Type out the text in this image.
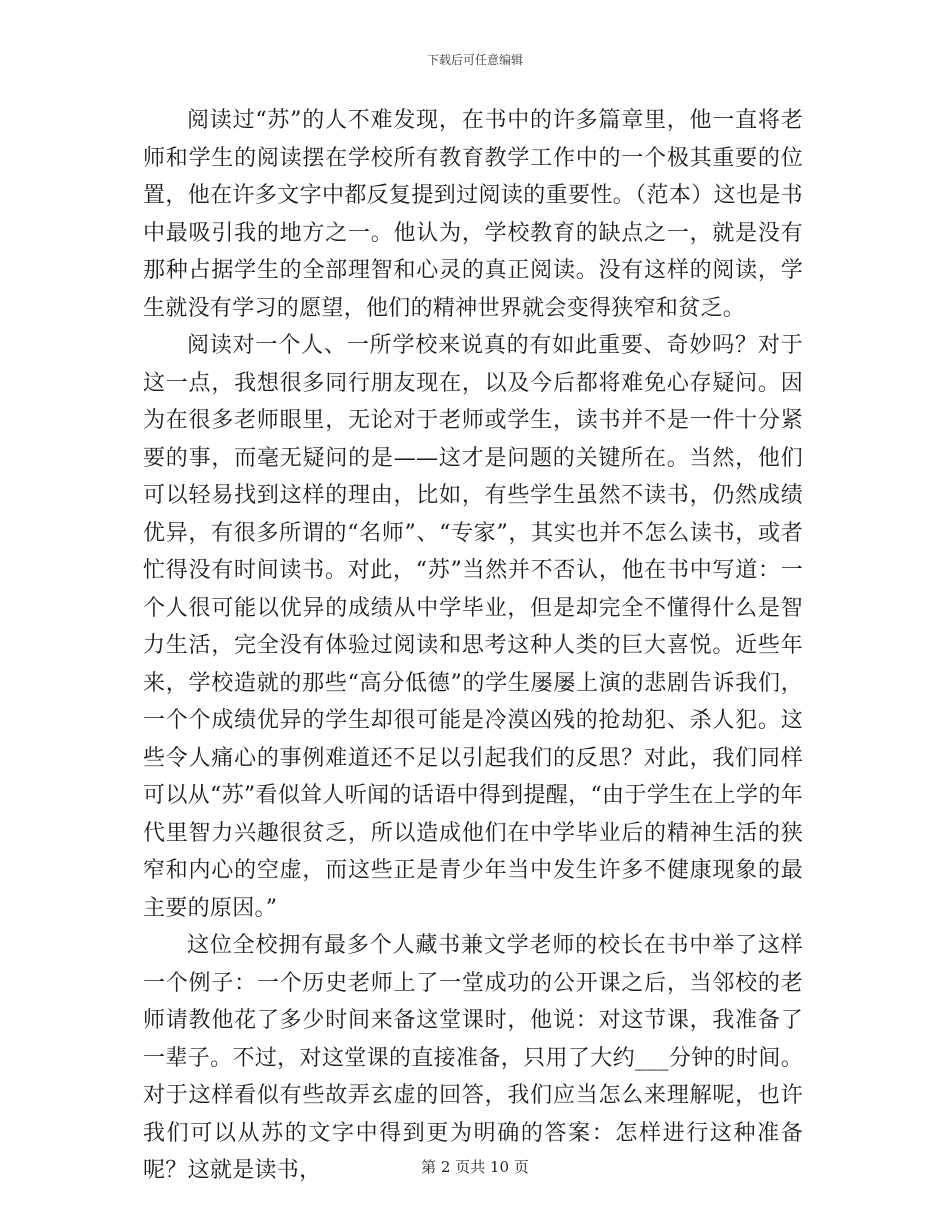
下载后可任意编辑

阅读过“苏”的人不难发现，在书中的许多篇章里，他一直将老师和学生的阅读摆在学校所有教育教学工作中的一个极其重要的位置，他在许多文字中都反复提到过阅读的重要性。（范本）这也是书中最吸引我的地方之一。他认为，学校教育的缺点之一，就是没有那种占据学生的全部理智和心灵的真正阅读。没有这样的阅读，学生就没有学习的愿望，他们的精神世界就会变得狭窄和贫乏。

阅读对一个人、一所学校来说真的有如此重要、奇妙吗？对于这一点，我想很多同行朋友现在，以及今后都将难免心存疑问。因为在很多老师眼里，无论对于老师或学生，读书并不是一件十分紧要的事，而毫无疑问的是——这才是问题的关键所在。当然，他们可以轻易找到这样的理由，比如，有些学生虽然不读书，仍然成绩优异，有很多所谓的“名师”、“专家”，其实也并不怎么读书，或者忙得没有时间读书。对此，“苏”当然并不否认，他在书中写道：一个人很可能以优异的成绩从中学毕业，但是却完全不懂得什么是智力生活，完全没有体验过阅读和思考这种人类的巨大喜悦。近些年来，学校造就的那些“高分低德”的学生屡屡上演的悲剧告诉我们，一个个成绩优异的学生却很可能是冷漠凶残的抢劫犯、杀人犯。这些令人痛心的事例难道还不足以引起我们的反思？对此，我们同样可以从“苏”看似耸人听闻的话语中得到提醒，“由于学生在上学的年代里智力兴趣很贫乏，所以造成他们在中学毕业后的精神生活的狭窄和内心的空虚，而这些正是青少年当中发生许多不健康现象的最主要的原因。”

这位全校拥有最多个人藏书兼文学老师的校长在书中举了这样一个例子：一个历史老师上了一堂成功的公开课之后，当邻校的老师请教他花了多少时间来备这堂课时，他说：对这节课，我准备了一辈子。不过，对这堂课的直接准备，只用了大约___分钟的时间。对于这样看似有些故弄玄虚的回答，我们应当怎么来理解呢，也许我们可以从苏的文字中得到更为明确的答案：怎样进行这种准备呢？这就是读书，	第 2 页共 10 页
